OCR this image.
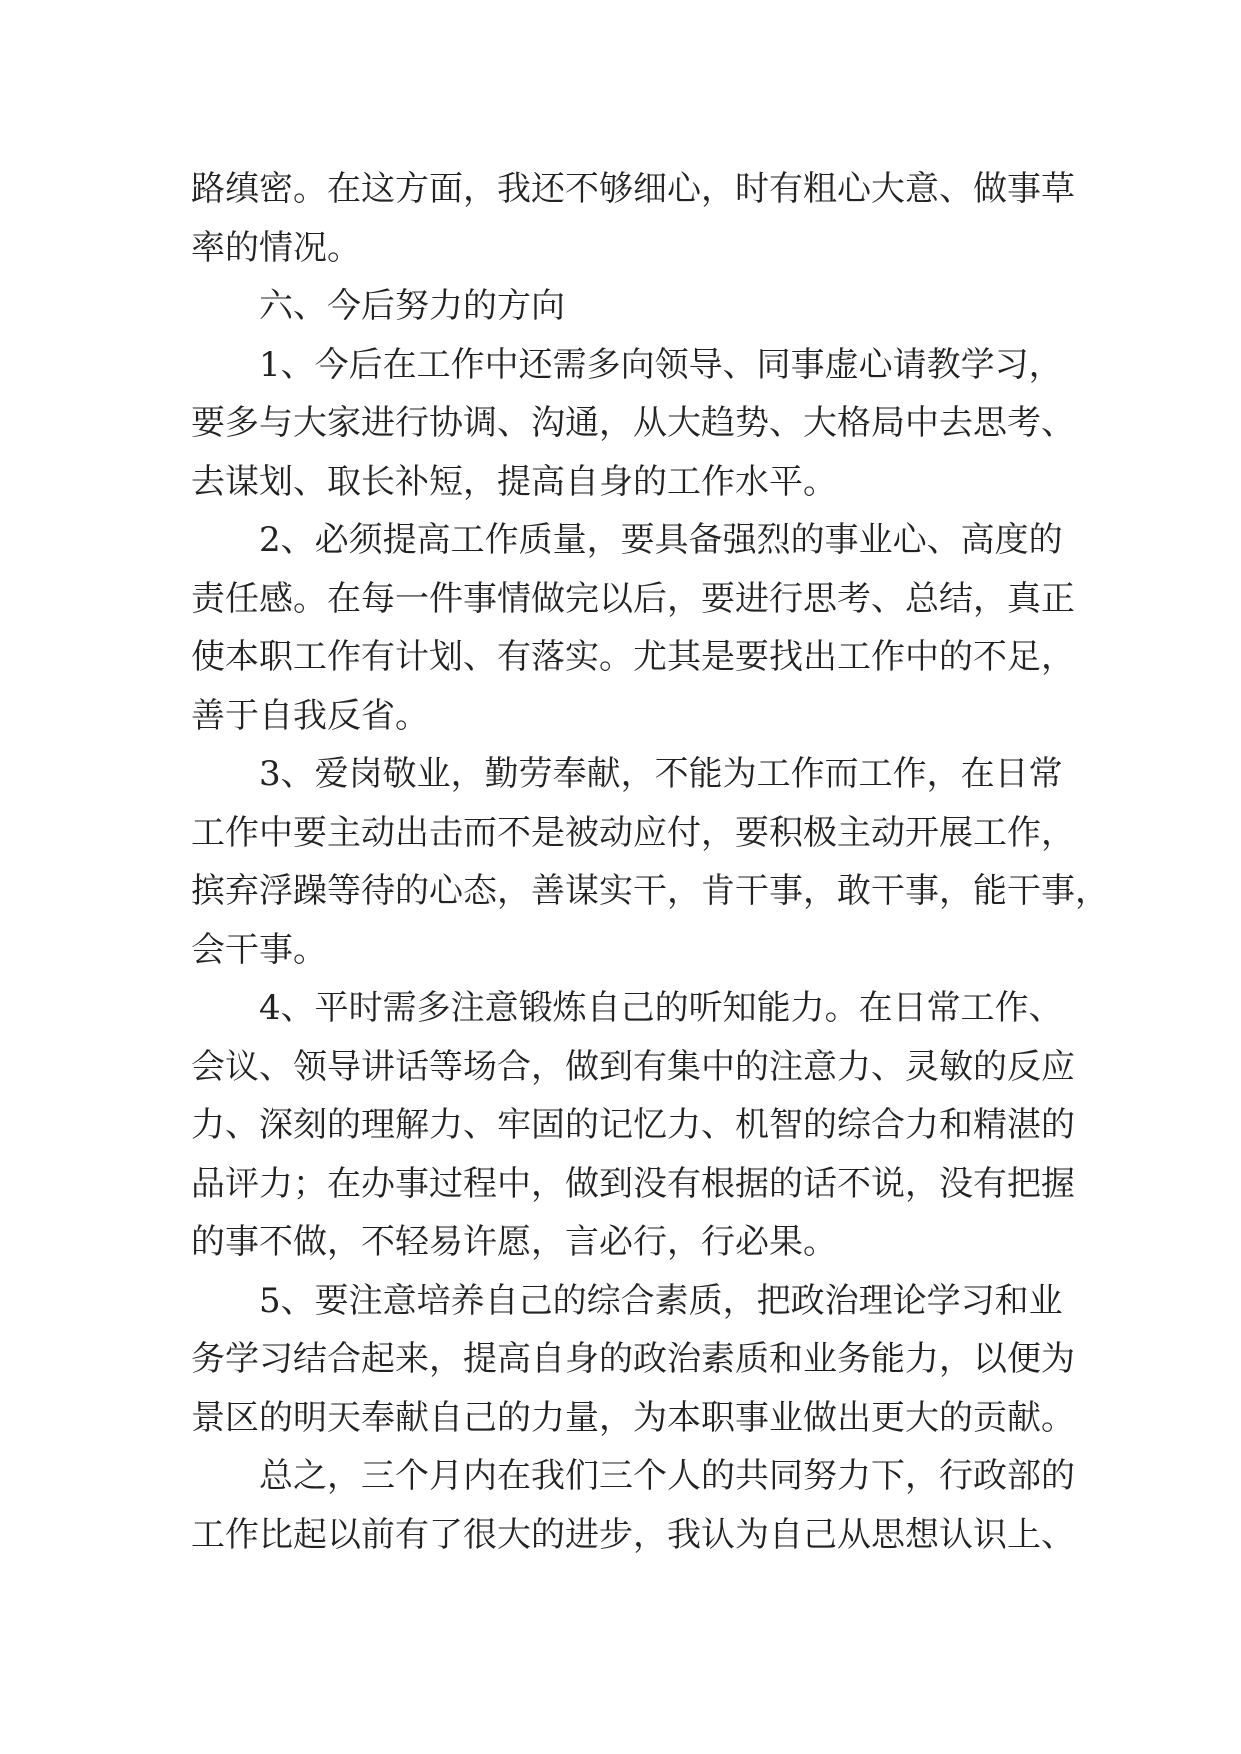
路缜密。在这方面，我还不够细心，时有粗心大意、做事草
率的情况。
六、今后努力的方向
1、今后在工作中还需多向领导、同事虚心请教学习，
要多与大家进行协调、沟通，从大趋势、大格局中去思考、
去谋划、取长补短，提高自身的工作水平。
2、必须提高工作质量，要具备强烈的事业心、高度的
责任感。在每一件事情做完以后，要进行思考、总结，真正
使本职工作有计划、有落实。尤其是要找出工作中的不足，
善于自我反省。
3、爱岗敬业，勤劳奉献，不能为工作而工作，在日常
工作中要主动出击而不是被动应付，要积极主动开展工作，
摈弃浮躁等待的心态，善谋实干，肯干事，敢干事，能干事，
会干事。
4、平时需多注意锻炼自己的听知能力。在日常工作、
会议、领导讲话等场合，做到有集中的注意力、灵敏的反应
力、深刻的理解力、牢固的记忆力、机智的综合力和精湛的
品评力；在办事过程中，做到没有根据的话不说，没有把握
的事不做，不轻易许愿，言必行，行必果。
5、要注意培养自己的综合素质，把政治理论学习和业
务学习结合起来，提高自身的政治素质和业务能力，以便为
景区的明天奉献自己的力量，为本职事业做出更大的贡献。
总之，三个月内在我们三个人的共同努力下，行政部的
工作比起以前有了很大的进步，我认为自己从思想认识上、
